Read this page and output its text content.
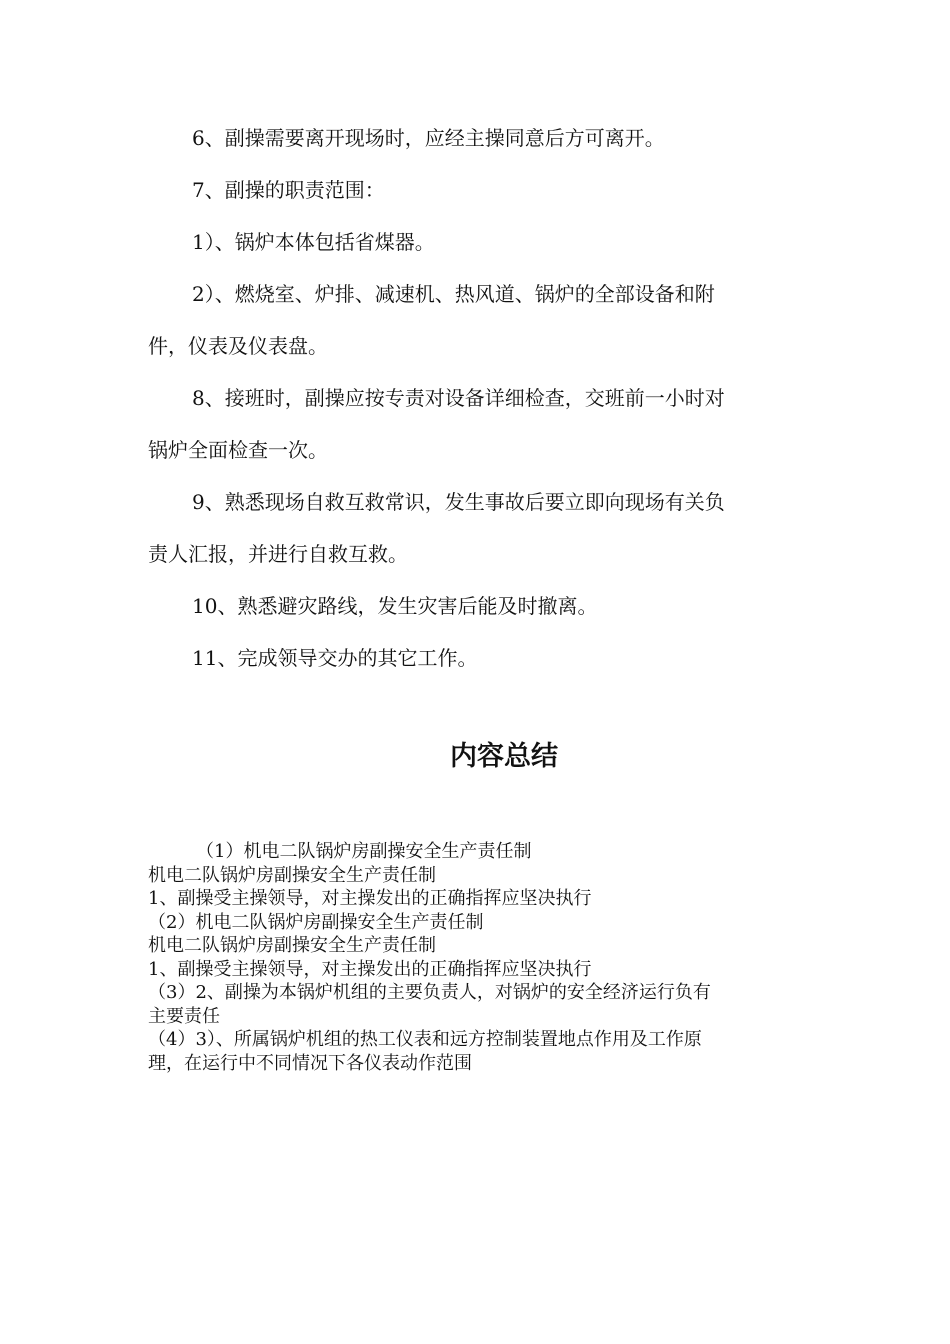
6、副操需要离开现场时，应经主操同意后方可离开。
7、副操的职责范围：
1）、锅炉本体包括省煤器。
2）、燃烧室、炉排、减速机、热风道、锅炉的全部设备和附
件，仪表及仪表盘。
8、接班时，副操应按专责对设备详细检查，交班前一小时对
锅炉全面检查一次。
9、熟悉现场自救互救常识，发生事故后要立即向现场有关负
责人汇报，并进行自救互救。
10、熟悉避灾路线，发生灾害后能及时撤离。
11、完成领导交办的其它工作。
内容总结
（1）机电二队锅炉房副操安全生产责任制
机电二队锅炉房副操安全生产责任制
1、副操受主操领导，对主操发出的正确指挥应坚决执行
（2）机电二队锅炉房副操安全生产责任制
机电二队锅炉房副操安全生产责任制
1、副操受主操领导，对主操发出的正确指挥应坚决执行
（3）2、副操为本锅炉机组的主要负责人，对锅炉的安全经济运行负有
主要责任
（4）3）、所属锅炉机组的热工仪表和远方控制装置地点作用及工作原
理，在运行中不同情况下各仪表动作范围
